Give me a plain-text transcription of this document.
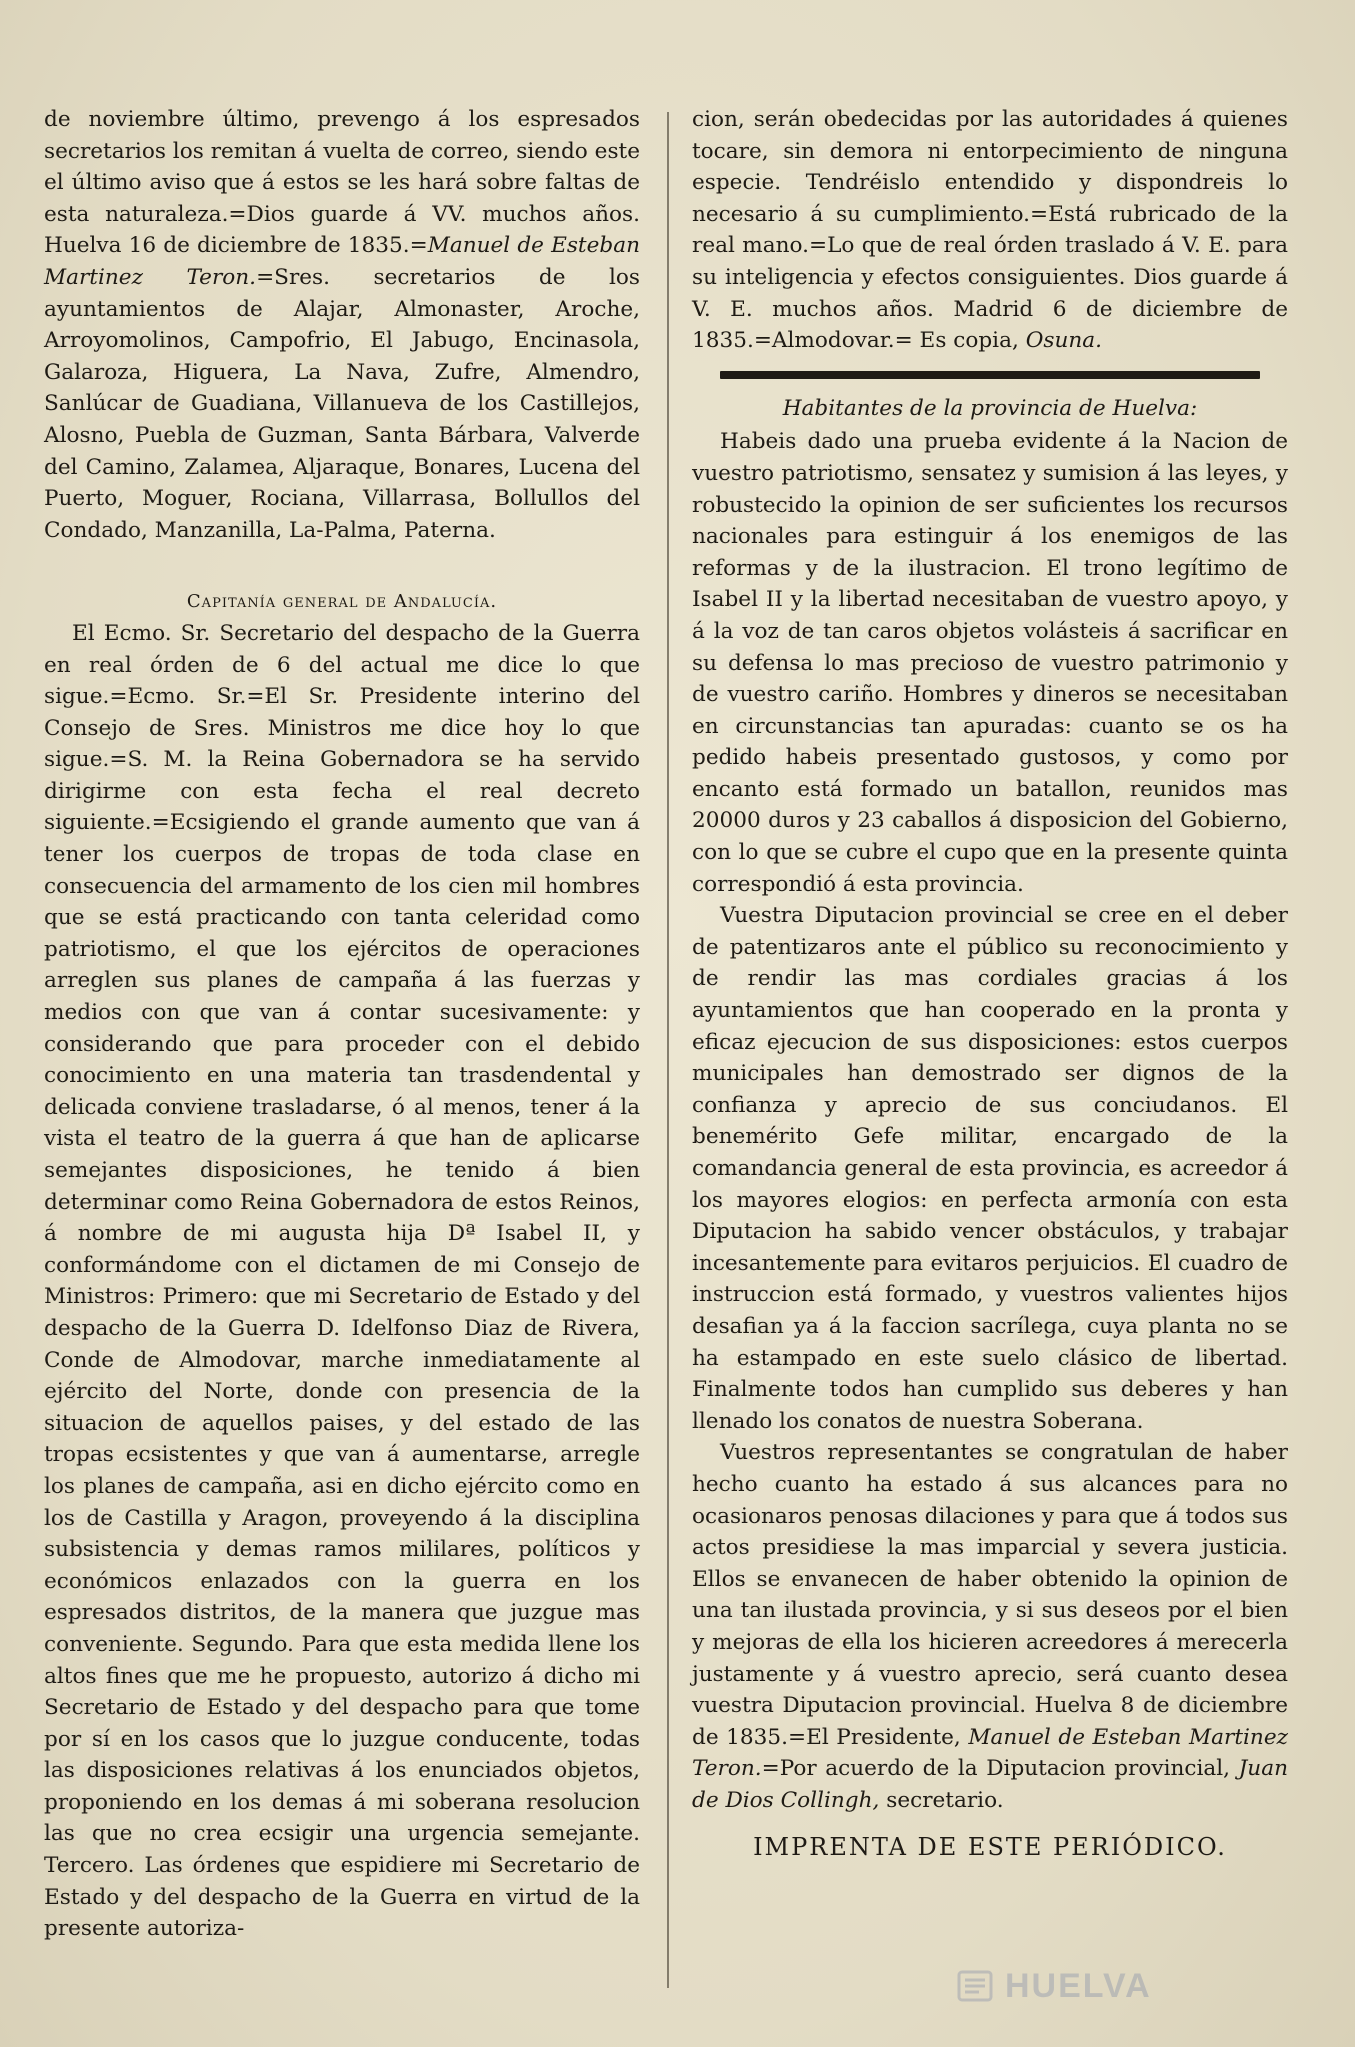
de noviembre último, prevengo á los espresados secretarios los remitan á vuelta de correo, siendo este el último aviso que á estos se les hará sobre faltas de esta naturaleza.=Dios guarde á VV. muchos años. Huelva 16 de diciembre de 1835.=Manuel de Esteban Martinez Teron.=Sres. secretarios de los ayuntamientos de Alajar, Almonaster, Aroche, Arroyomolinos, Campofrio, El Jabugo, Encinasola, Galaroza, Higuera, La Nava, Zufre, Almendro, Sanlúcar de Guadiana, Villanueva de los Castillejos, Alosno, Puebla de Guzman, Santa Bárbara, Valverde del Camino, Zalamea, Aljaraque, Bonares, Lucena del Puerto, Moguer, Rociana, Villarrasa, Bollullos del Condado, Manzanilla, La-Palma, Paterna.

Capitanía general de Andalucía.

El Ecmo. Sr. Secretario del despacho de la Guerra en real órden de 6 del actual me dice lo que sigue.=Ecmo. Sr.=El Sr. Presidente interino del Consejo de Sres. Ministros me dice hoy lo que sigue.=S. M. la Reina Gobernadora se ha servido dirigirme con esta fecha el real decreto siguiente.=Ecsigiendo el grande aumento que van á tener los cuerpos de tropas de toda clase en consecuencia del armamento de los cien mil hombres que se está practicando con tanta celeridad como patriotismo, el que los ejércitos de operaciones arreglen sus planes de campaña á las fuerzas y medios con que van á contar sucesivamente: y considerando que para proceder con el debido conocimiento en una materia tan trasdendental y delicada conviene trasladarse, ó al menos, tener á la vista el teatro de la guerra á que han de aplicarse semejantes disposiciones, he tenido á bien determinar como Reina Gobernadora de estos Reinos, á nombre de mi augusta hija Dª Isabel II, y conformándome con el dictamen de mi Consejo de Ministros: Primero: que mi Secretario de Estado y del despacho de la Guerra D. Idelfonso Diaz de Rivera, Conde de Almodovar, marche inmediatamente al ejército del Norte, donde con presencia de la situacion de aquellos paises, y del estado de las tropas ecsistentes y que van á aumentarse, arregle los planes de campaña, asi en dicho ejército como en los de Castilla y Aragon, proveyendo á la disciplina subsistencia y demas ramos mililares, políticos y económicos enlazados con la guerra en los espresados distritos, de la manera que juzgue mas conveniente. Segundo. Para que esta medida llene los altos fines que me he propuesto, autorizo á dicho mi Secretario de Estado y del despacho para que tome por sí en los casos que lo juzgue conducente, todas las disposiciones relativas á los enunciados objetos, proponiendo en los demas á mi soberana resolucion las que no crea ecsigir una urgencia semejante. Tercero. Las órdenes que espidiere mi Secretario de Estado y del despacho de la Guerra en virtud de la presente autoriza-

cion, serán obedecidas por las autoridades á quienes tocare, sin demora ni entorpecimiento de ninguna especie. Tendréislo entendido y dispondreis lo necesario á su cumplimiento.=Está rubricado de la real mano.=Lo que de real órden traslado á V. E. para su inteligencia y efectos consiguientes. Dios guarde á V. E. muchos años. Madrid 6 de diciembre de 1835.=Almodovar.= Es copia, Osuna.

Habitantes de la provincia de Huelva:

Habeis dado una prueba evidente á la Nacion de vuestro patriotismo, sensatez y sumision á las leyes, y robustecido la opinion de ser suficientes los recursos nacionales para estinguir á los enemigos de las reformas y de la ilustracion. El trono legítimo de Isabel II y la libertad necesitaban de vuestro apoyo, y á la voz de tan caros objetos volásteis á sacrificar en su defensa lo mas precioso de vuestro patrimonio y de vuestro cariño. Hombres y dineros se necesitaban en circunstancias tan apuradas: cuanto se os ha pedido habeis presentado gustosos, y como por encanto está formado un batallon, reunidos mas 20000 duros y 23 caballos á disposicion del Gobierno, con lo que se cubre el cupo que en la presente quinta correspondió á esta provincia.

Vuestra Diputacion provincial se cree en el deber de patentizaros ante el público su reconocimiento y de rendir las mas cordiales gracias á los ayuntamientos que han cooperado en la pronta y eficaz ejecucion de sus disposiciones: estos cuerpos municipales han demostrado ser dignos de la confianza y aprecio de sus conciudanos. El benemérito Gefe militar, encargado de la comandancia general de esta provincia, es acreedor á los mayores elogios: en perfecta armonía con esta Diputacion ha sabido vencer obstáculos, y trabajar incesantemente para evitaros perjuicios. El cuadro de instruccion está formado, y vuestros valientes hijos desafian ya á la faccion sacrílega, cuya planta no se ha estampado en este suelo clásico de libertad. Finalmente todos han cumplido sus deberes y han llenado los conatos de nuestra Soberana.

Vuestros representantes se congratulan de haber hecho cuanto ha estado á sus alcances para no ocasionaros penosas dilaciones y para que á todos sus actos presidiese la mas imparcial y severa justicia. Ellos se envanecen de haber obtenido la opinion de una tan ilustada provincia, y si sus deseos por el bien y mejoras de ella los hicieren acreedores á merecerla justamente y á vuestro aprecio, será cuanto desea vuestra Diputacion provincial. Huelva 8 de diciembre de 1835.=El Presidente, Manuel de Esteban Martinez Teron.=Por acuerdo de la Diputacion provincial, Juan de Dios Collingh, secretario.

IMPRENTA DE ESTE PERIÓDICO.

HUELVA
